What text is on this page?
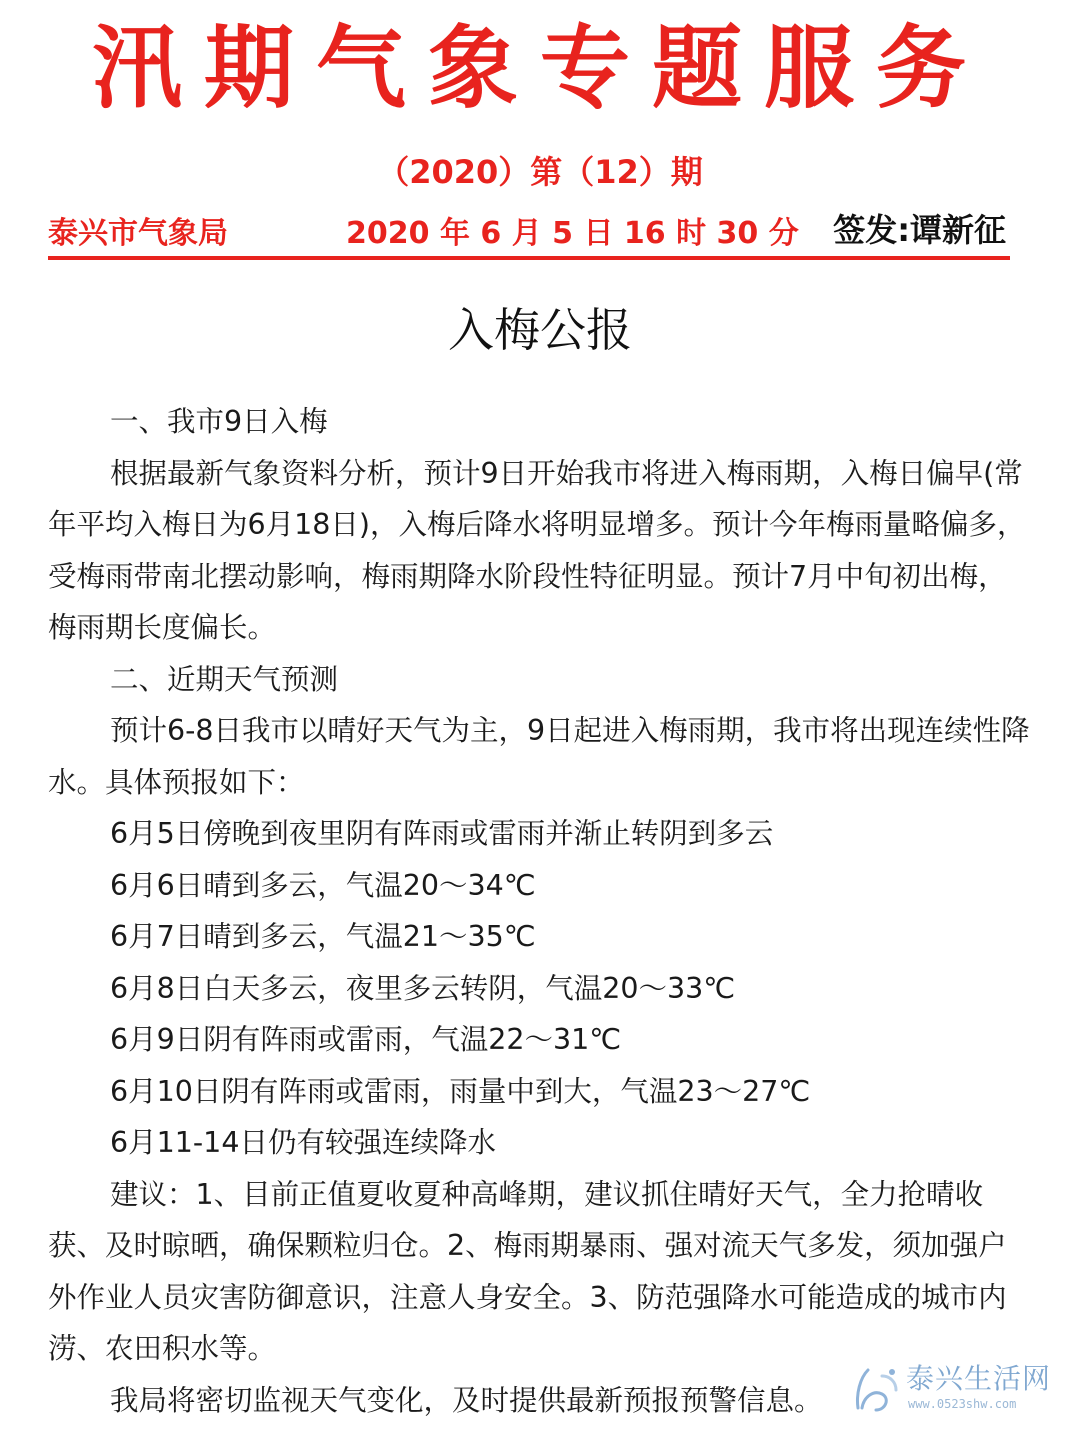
汛期气象专题服务
（2020）第（12）期
泰兴市气象局	2020 年 6 月 5 日 16 时 30 分 签发:谭新征
入梅公报

一、我市9日入梅

根据最新气象资料分析，预计9日开始我市将进入梅雨期，入梅日偏早(常年平均入梅日为6月18日)，入梅后降水将明显增多。预计今年梅雨量略偏多，受梅雨带南北摆动影响，梅雨期降水阶段性特征明显。预计7月中旬初出梅，梅雨期长度偏长。

二、近期天气预测

预计6-8日我市以晴好天气为主，9日起进入梅雨期，我市将出现连续性降水。具体预报如下：

6月5日傍晚到夜里阴有阵雨或雷雨并渐止转阴到多云

6月6日晴到多云，气温20～34℃

6月7日晴到多云，气温21～35℃

6月8日白天多云，夜里多云转阴，气温20～33℃

6月9日阴有阵雨或雷雨，气温22～31℃

6月10日阴有阵雨或雷雨，雨量中到大，气温23～27℃

6月11-14日仍有较强连续降水

建议：1、目前正值夏收夏种高峰期，建议抓住晴好天气，全力抢晴收获、及时晾晒，确保颗粒归仓。2、梅雨期暴雨、强对流天气多发，须加强户外作业人员灾害防御意识，注意人身安全。3、防范强降水可能造成的城市内涝、农田积水等。

我局将密切监视天气变化，及时提供最新预报预警信息。

泰兴生活网
www.0523shw.com
